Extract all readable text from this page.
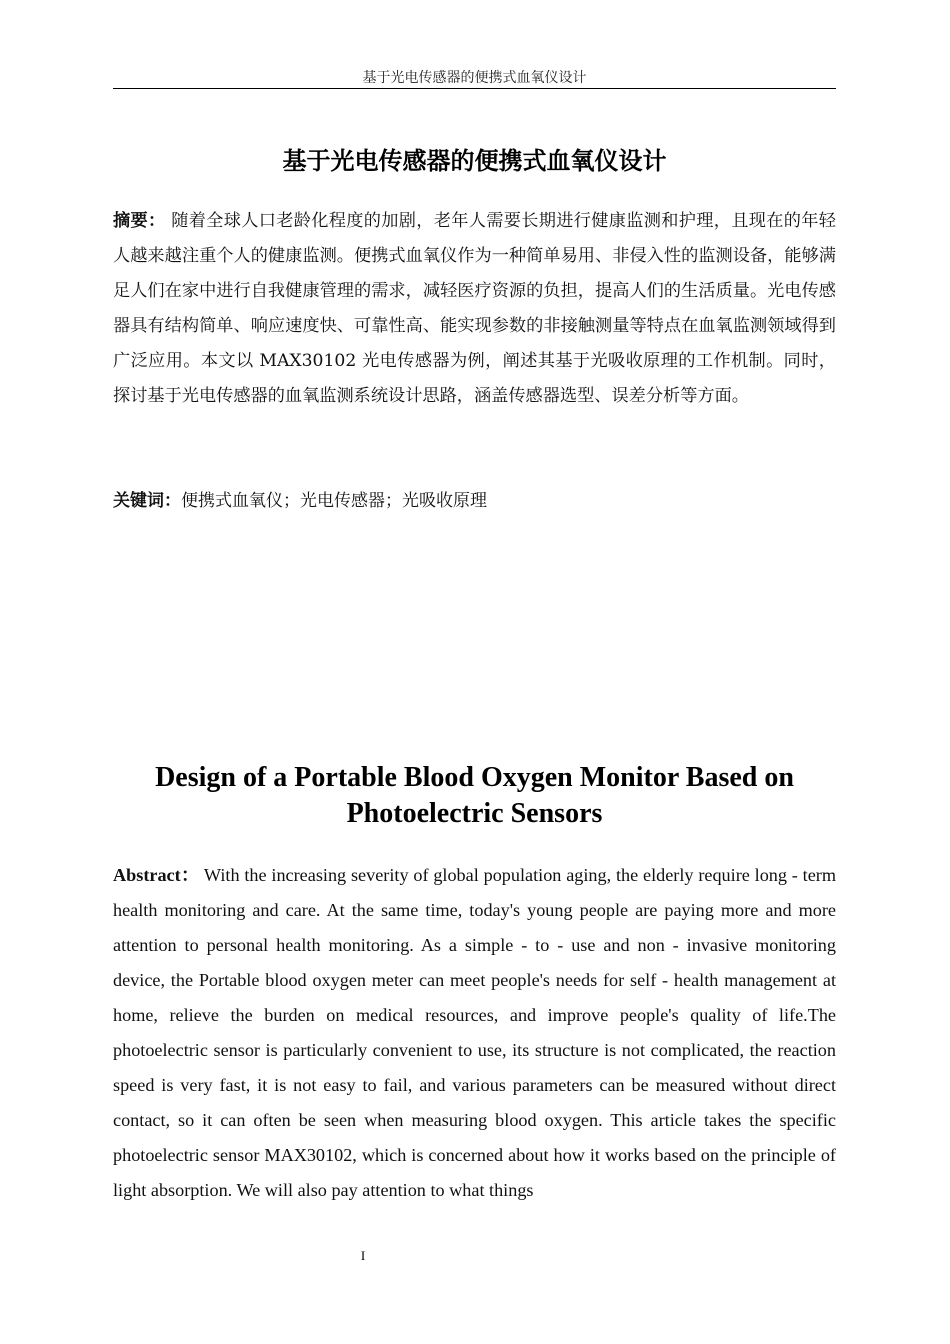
基于光电传感器的便携式血氧仪设计
基于光电传感器的便携式血氧仪设计
摘要： 随着全球人口老龄化程度的加剧，老年人需要长期进行健康监测和护理，且现在的年轻人越来越注重个人的健康监测。便携式血氧仪作为一种简单易用、非侵入性的监测设备，能够满足人们在家中进行自我健康管理的需求，减轻医疗资源的负担，提高人们的生活质量。光电传感器具有结构简单、响应速度快、可靠性高、能实现参数的非接触测量等特点在血氧监测领域得到广泛应用。本文以 MAX30102 光电传感器为例，阐述其基于光吸收原理的工作机制。同时，探讨基于光电传感器的血氧监测系统设计思路，涵盖传感器选型、误差分析等方面。
关键词：便携式血氧仪；光电传感器；光吸收原理
Design of a Portable Blood Oxygen Monitor Based on
Photoelectric Sensors
Abstract： With the increasing severity of global population aging, the elderly require long - term health monitoring and care. At the same time, today's young people are paying more and more attention to personal health monitoring. As a simple - to - use and non - invasive monitoring device, the Portable blood oxygen meter can meet people's needs for self - health management at home, relieve the burden on medical resources, and improve people's quality of life.The photoelectric sensor is particularly convenient to use, its structure is not complicated, the reaction speed is very fast, it is not easy to fail, and various parameters can be measured without direct contact, so it can often be seen when measuring blood oxygen. This article takes the specific photoelectric sensor MAX30102, which is concerned about how it works based on the principle of light absorption. We will also pay attention to what things
I
